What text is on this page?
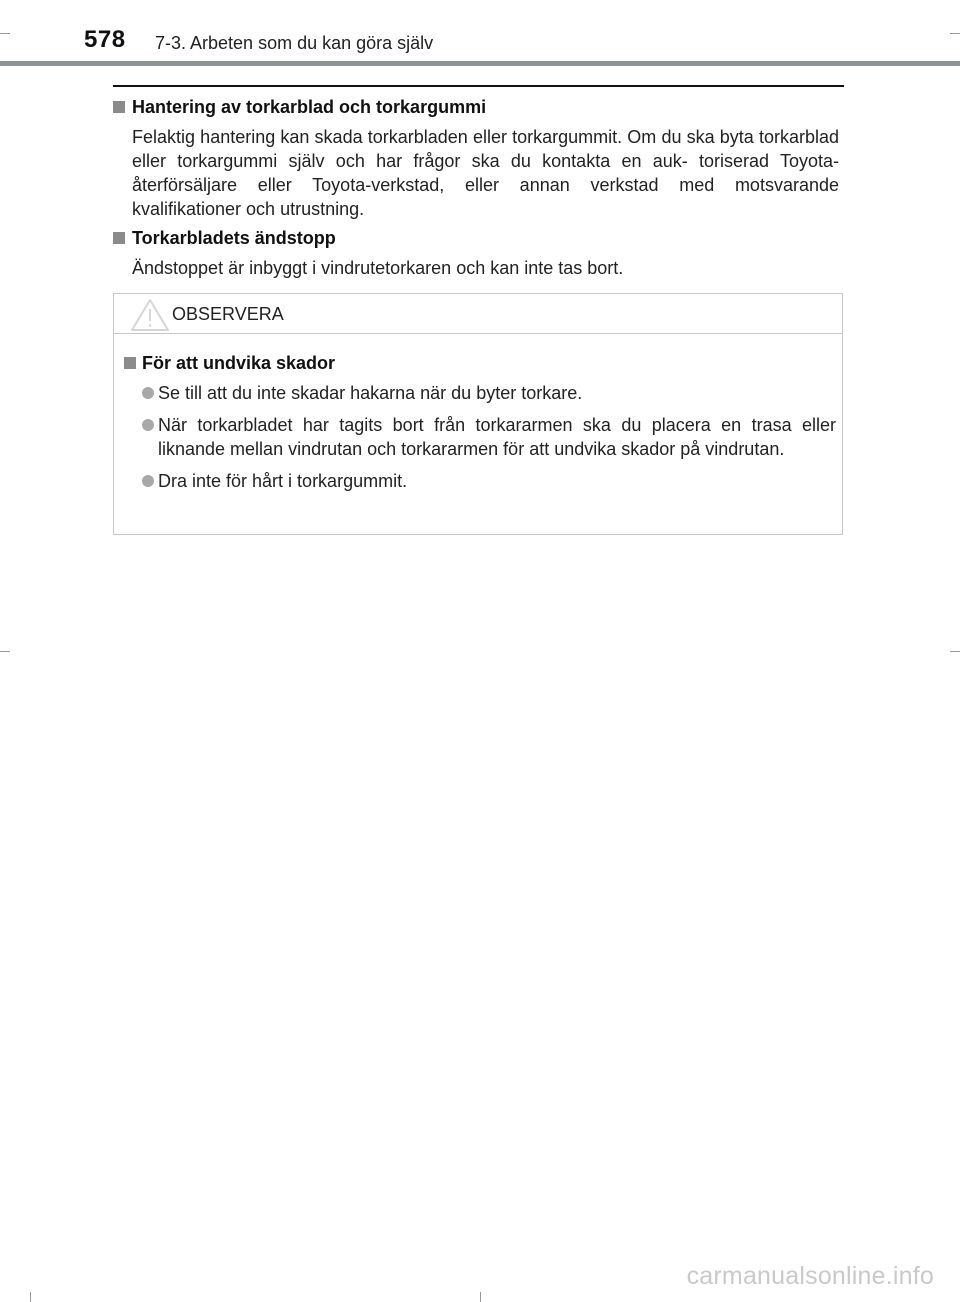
578 7-3. Arbeten som du kan göra själv
Hantering av torkarblad och torkargummi
Felaktig hantering kan skada torkarbladen eller torkargummit. Om du ska byta torkarblad eller torkargummi själv och har frågor ska du kontakta en auk- toriserad Toyota-återförsäljare eller Toyota-verkstad, eller annan verkstad med motsvarande kvalifikationer och utrustning.
Torkarbladets ändstopp
Ändstoppet är inbyggt i vindrutetorkaren och kan inte tas bort.
OBSERVERA
För att undvika skador
Se till att du inte skadar hakarna när du byter torkare.
När torkarbladet har tagits bort från torkararmen ska du placera en trasa eller liknande mellan vindrutan och torkararmen för att undvika skador på vindrutan.
Dra inte för hårt i torkargummit.
carmanualsonline.info
